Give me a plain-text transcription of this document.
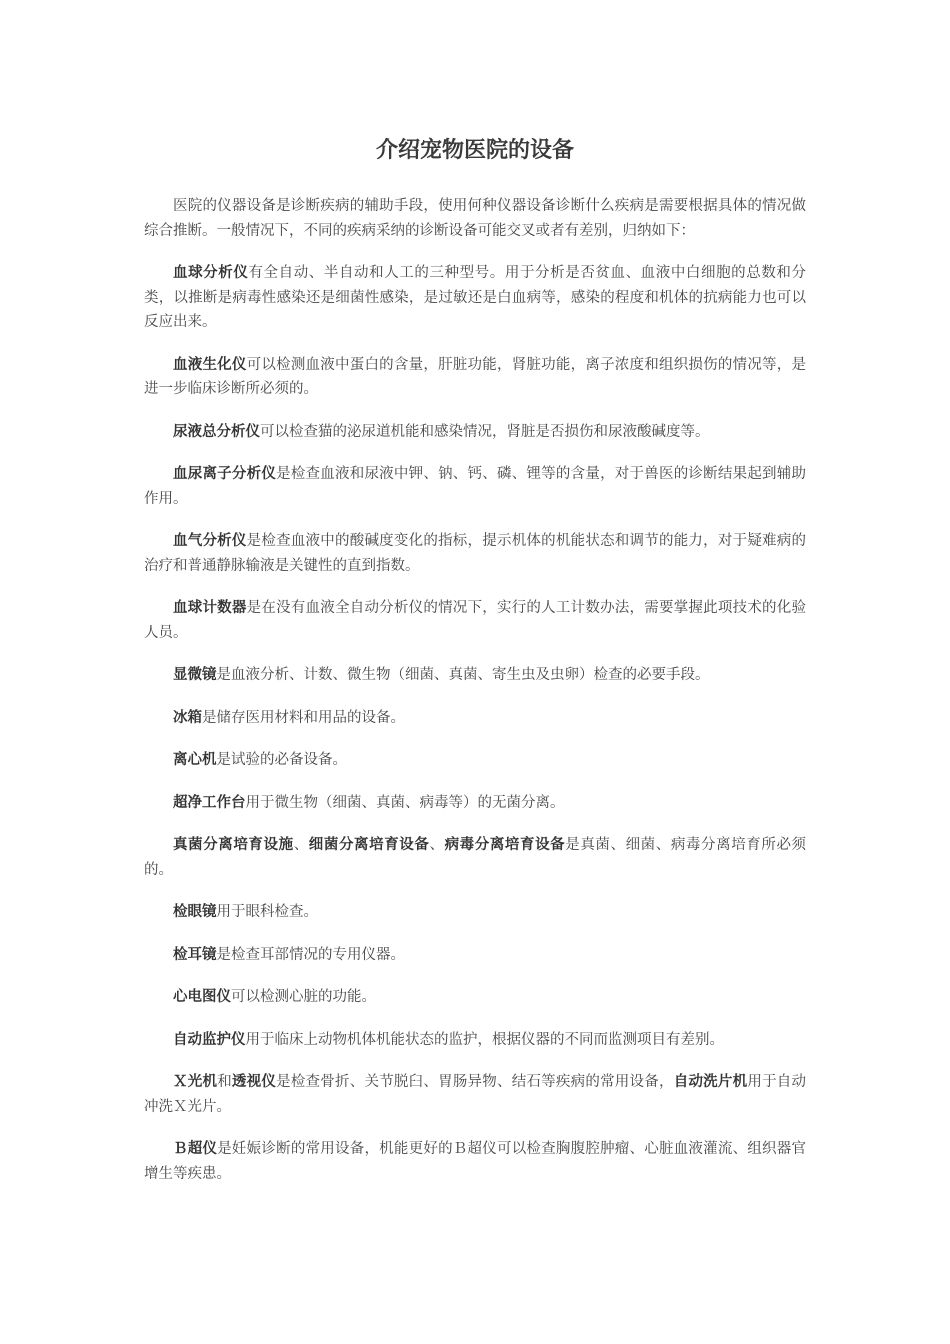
介绍宠物医院的设备

医院的仪器设备是诊断疾病的辅助手段，使用何种仪器设备诊断什么疾病是需要根据具体的情况做综合推断。一般情况下，不同的疾病采纳的诊断设备可能交叉或者有差别，归纳如下：

血球分析仪有全自动、半自动和人工的三种型号。用于分析是否贫血、血液中白细胞的总数和分类，以推断是病毒性感染还是细菌性感染，是过敏还是白血病等，感染的程度和机体的抗病能力也可以反应出来。

血液生化仪可以检测血液中蛋白的含量，肝脏功能，肾脏功能，离子浓度和组织损伤的情况等，是进一步临床诊断所必须的。

尿液总分析仪可以检查猫的泌尿道机能和感染情况，肾脏是否损伤和尿液酸碱度等。

血尿离子分析仪是检查血液和尿液中钾、钠、钙、磷、锂等的含量，对于兽医的诊断结果起到辅助作用。

血气分析仪是检查血液中的酸碱度变化的指标，提示机体的机能状态和调节的能力，对于疑难病的治疗和普通静脉输液是关键性的直到指数。

血球计数器是在没有血液全自动分析仪的情况下，实行的人工计数办法，需要掌握此项技术的化验人员。

显微镜是血液分析、计数、微生物（细菌、真菌、寄生虫及虫卵）检查的必要手段。

冰箱是储存医用材料和用品的设备。

离心机是试验的必备设备。

超净工作台用于微生物（细菌、真菌、病毒等）的无菌分离。

真菌分离培育设施、细菌分离培育设备、病毒分离培育设备是真菌、细菌、病毒分离培育所必须的。

检眼镜用于眼科检查。

检耳镜是检查耳部情况的专用仪器。

心电图仪可以检测心脏的功能。

自动监护仪用于临床上动物机体机能状态的监护，根据仪器的不同而监测项目有差别。

Ｘ光机和透视仪是检查骨折、关节脱臼、胃肠异物、结石等疾病的常用设备，自动洗片机用于自动冲洗Ｘ光片。

Ｂ超仪是妊娠诊断的常用设备，机能更好的Ｂ超仪可以检查胸腹腔肿瘤、心脏血液灌流、组织器官增生等疾患。
